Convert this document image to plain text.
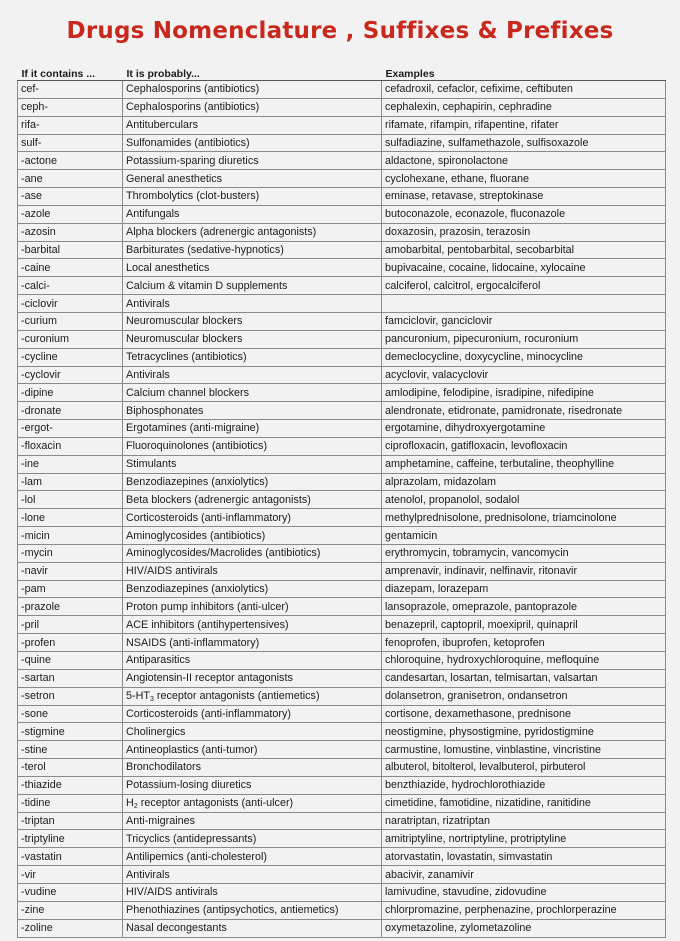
Drugs Nomenclature , Suffixes & Prefixes
If it contains ...	It is probably...	Examples
cef-	Cephalosporins (antibiotics)	cefadroxil, cefaclor, cefixime, ceftibuten
ceph-	Cephalosporins (antibiotics)	cephalexin, cephapirin, cephradine
rifa-	Antituberculars	rifamate, rifampin, rifapentine, rifater
sulf-	Sulfonamides (antibiotics)	sulfadiazine, sulfamethazole, sulfisoxazole
-actone	Potassium-sparing diuretics	aldactone, spironolactone
-ane	General anesthetics	cyclohexane, ethane, fluorane
-ase	Thrombolytics (clot-busters)	eminase, retavase, streptokinase
-azole	Antifungals	butoconazole, econazole, fluconazole
-azosin	Alpha blockers (adrenergic antagonists)	doxazosin, prazosin, terazosin
-barbital	Barbiturates (sedative-hypnotics)	amobarbital, pentobarbital, secobarbital
-caine	Local anesthetics	bupivacaine, cocaine, lidocaine, xylocaine
-calci-	Calcium & vitamin D supplements	calciferol, calcitrol, ergocalciferol
-ciclovir	Antivirals	
-curium	Neuromuscular blockers	famciclovir, ganciclovir
-curonium	Neuromuscular blockers	pancuronium, pipecuronium, rocuronium
-cycline	Tetracyclines (antibiotics)	demeclocycline, doxycycline, minocycline
-cyclovir	Antivirals	acyclovir, valacyclovir
-dipine	Calcium channel blockers	amlodipine, felodipine, isradipine, nifedipine
-dronate	Biphosphonates	alendronate, etidronate, pamidronate, risedronate
-ergot-	Ergotamines (anti-migraine)	ergotamine, dihydroxyergotamine
-floxacin	Fluoroquinolones (antibiotics)	ciprofloxacin, gatifloxacin, levofloxacin
-ine	Stimulants	amphetamine, caffeine, terbutaline, theophylline
-lam	Benzodiazepines (anxiolytics)	alprazolam, midazolam
-lol	Beta blockers (adrenergic antagonists)	atenolol, propanolol, sodalol
-lone	Corticosteroids (anti-inflammatory)	methylprednisolone, prednisolone, triamcinolone
-micin	Aminoglycosides (antibiotics)	gentamicin
-mycin	Aminoglycosides/Macrolides (antibiotics)	erythromycin, tobramycin, vancomycin
-navir	HIV/AIDS antivirals	amprenavir, indinavir, nelfinavir, ritonavir
-pam	Benzodiazepines (anxiolytics)	diazepam, lorazepam
-prazole	Proton pump inhibitors (anti-ulcer)	lansoprazole, omeprazole, pantoprazole
-pril	ACE inhibitors (antihypertensives)	benazepril, captopril, moexipril, quinapril
-profen	NSAIDS (anti-inflammatory)	fenoprofen, ibuprofen, ketoprofen
-quine	Antiparasitics	chloroquine, hydroxychloroquine, mefloquine
-sartan	Angiotensin-II receptor antagonists	candesartan, losartan, telmisartan, valsartan
-setron	$5-HT_3$ receptor antagonists (antiemetics)	dolansetron, granisetron, ondansetron
-sone	Corticosteroids (anti-inflammatory)	cortisone, dexamethasone, prednisone
-stigmine	Cholinergics	neostigmine, physostigmine, pyridostigmine
-stine	Antineoplastics (anti-tumor)	carmustine, lomustine, vinblastine, vincristine
-terol	Bronchodilators	albuterol, bitolterol, levalbuterol, pirbuterol
-thiazide	Potassium-losing diuretics	benzthiazide, hydrochlorothiazide
-tidine	$H_2$ receptor antagonists (anti-ulcer)	cimetidine, famotidine, nizatidine, ranitidine
-triptan	Anti-migraines	naratriptan, rizatriptan
-triptyline	Tricyclics (antidepressants)	amitriptyline, nortriptyline, protriptyline
-vastatin	Antilipemics (anti-cholesterol)	atorvastatin, lovastatin, simvastatin
-vir	Antivirals	abacivir, zanamivir
-vudine	HIV/AIDS antivirals	lamivudine, stavudine, zidovudine
-zine	Phenothiazines (antipsychotics, antiemetics)	chlorpromazine, perphenazine, prochlorperazine
-zoline	Nasal decongestants	oxymetazoline, zylometazoline
